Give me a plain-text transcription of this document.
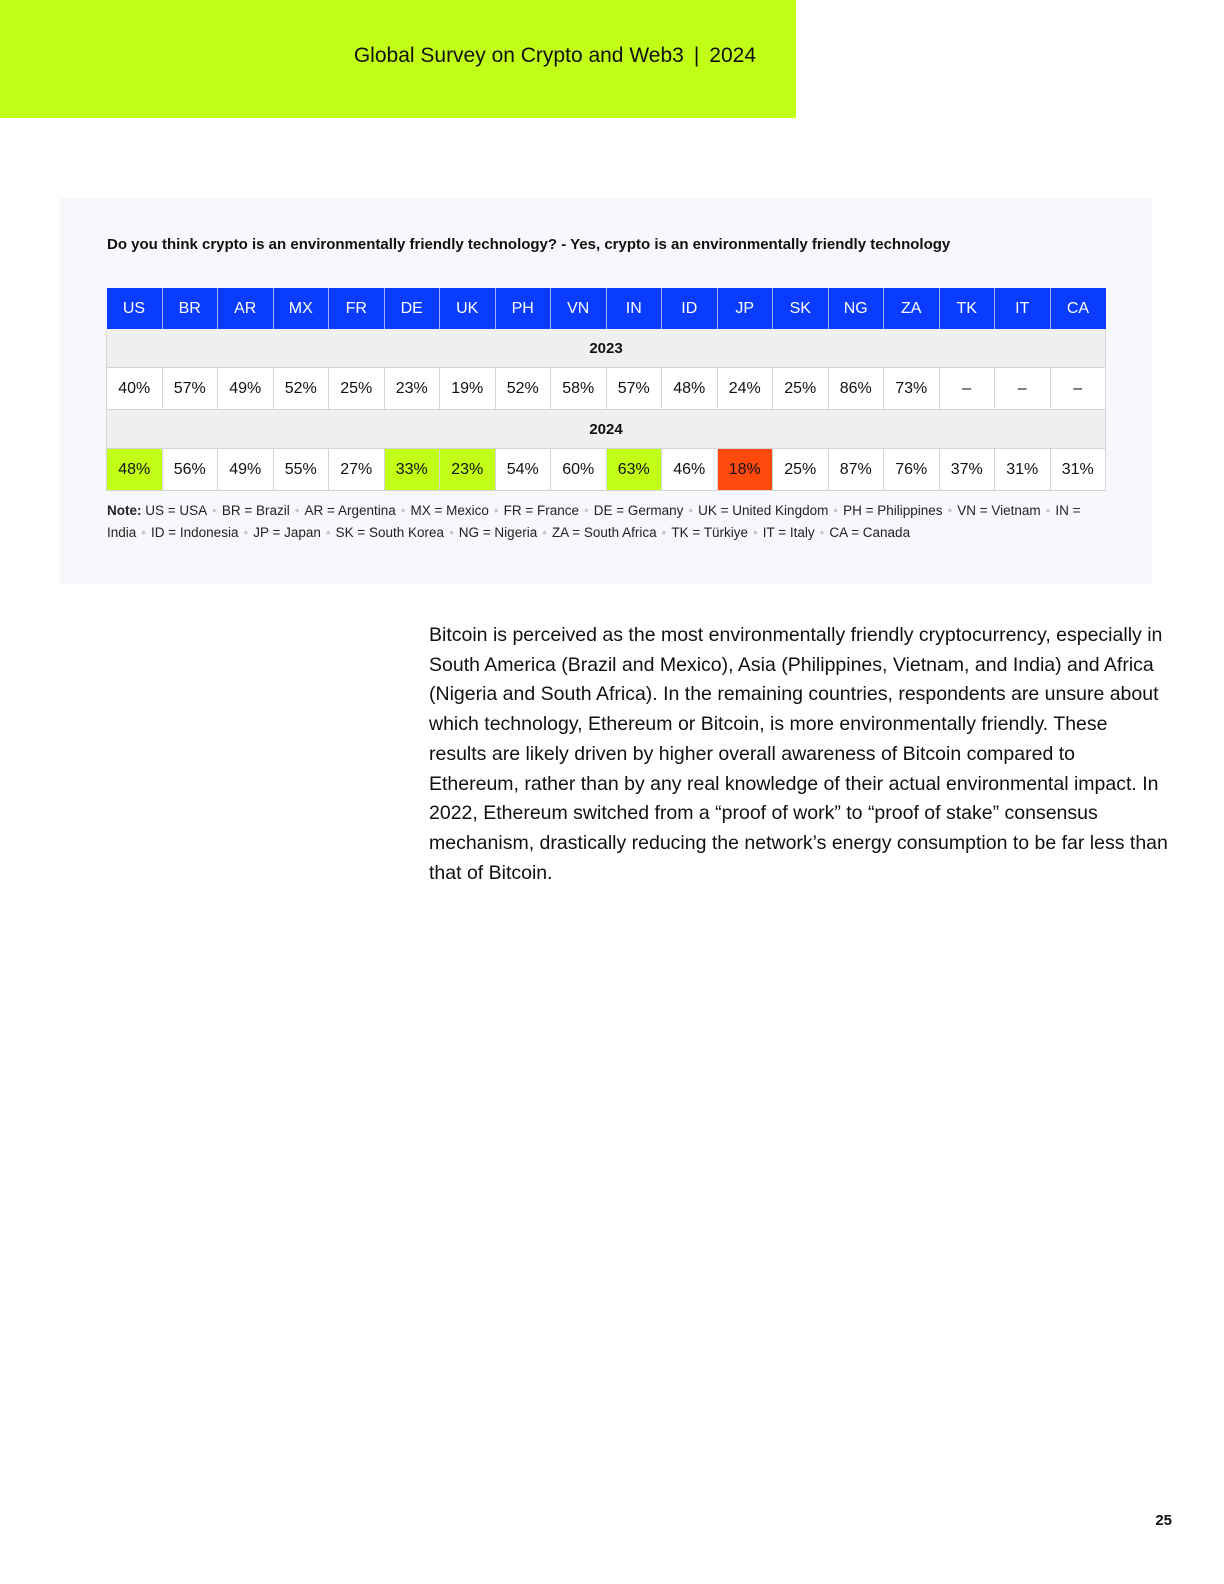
Global Survey on Crypto and Web3 | 2024
Do you think crypto is an environmentally friendly technology? - Yes, crypto is an environmentally friendly technology
US	BR	AR	MX	FR	DE	UK	PH	VN	IN	ID	JP	SK	NG	ZA	TK	IT	CA
2023																	
40%	57%	49%	52%	25%	23%	19%	52%	58%	57%	48%	24%	25%	86%	73%	–	–	–
2024																	
48%	56%	49%	55%	27%	33%	23%	54%	60%	63%	46%	18%	25%	87%	76%	37%	31%	31%
Note: US = USA • BR = Brazil • AR = Argentina • MX = Mexico • FR = France • DE = Germany • UK = United Kingdom • PH = Philippines • VN = Vietnam • IN = India • ID = Indonesia • JP = Japan • SK = South Korea • NG = Nigeria • ZA = South Africa • TK = Türkiye • IT = Italy • CA = Canada
Bitcoin is perceived as the most environmentally friendly cryptocurrency, especially in South America (Brazil and Mexico), Asia (Philippines, Vietnam, and India) and Africa (Nigeria and South Africa). In the remaining countries, respondents are unsure about which technology, Ethereum or Bitcoin, is more environmentally friendly. These results are likely driven by higher overall awareness of Bitcoin compared to Ethereum, rather than by any real knowledge of their actual environmental impact. In 2022, Ethereum switched from a “proof of work” to “proof of stake” consensus mechanism, drastically reducing the network’s energy consumption to be far less than that of Bitcoin.
25
